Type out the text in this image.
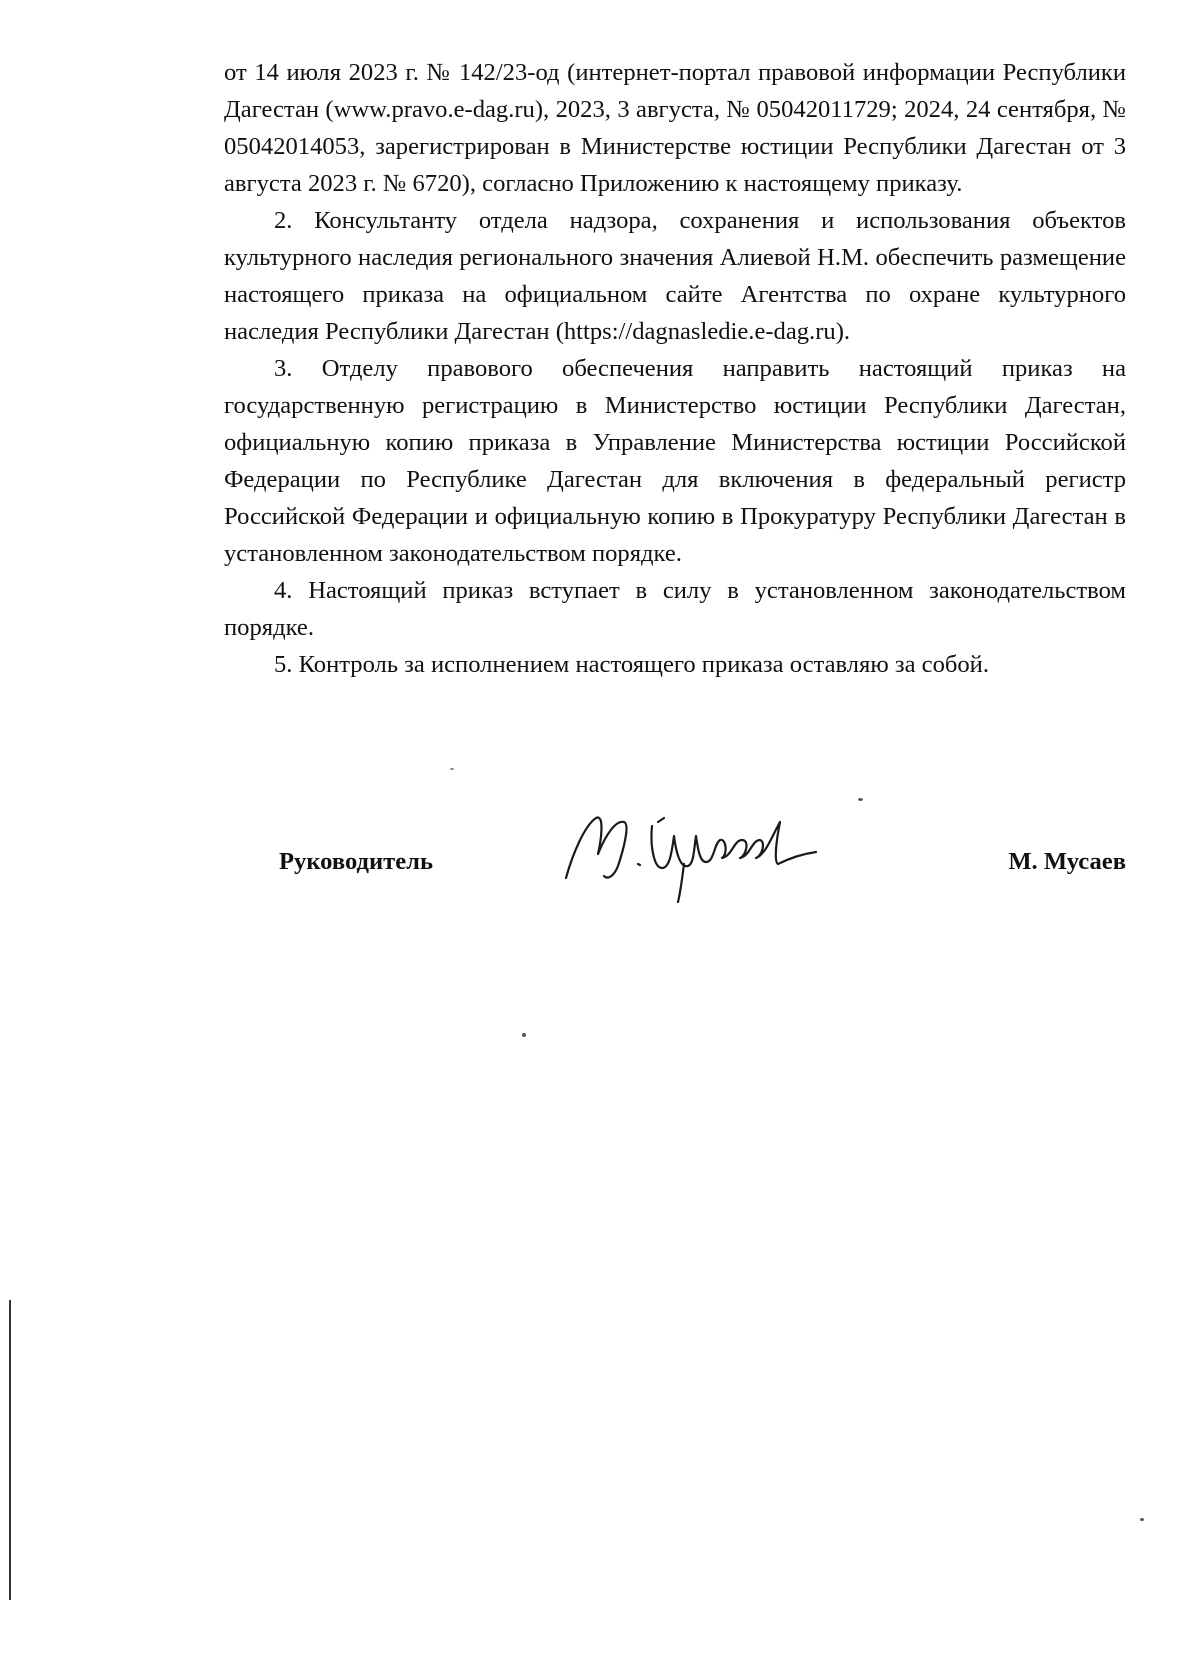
от 14 июля 2023 г. № 142/23-од (интернет-портал правовой информации Республики Дагестан (www.pravo.e-dag.ru), 2023, 3 августа, № 05042011729; 2024, 24 сентября, № 05042014053, зарегистрирован в Министерстве юстиции Республики Дагестан от 3 августа 2023 г. № 6720), согласно Приложению к настоящему приказу.

2. Консультанту отдела надзора, сохранения и использования объектов культурного наследия регионального значения Алиевой Н.М. обеспечить размещение настоящего приказа на официальном сайте Агентства по охране культурного наследия Республики Дагестан (https://dagnasledie.e-dag.ru).

3. Отделу правового обеспечения направить настоящий приказ на государственную регистрацию в Министерство юстиции Республики Дагестан, официальную копию приказа в Управление Министерства юстиции Российской Федерации по Республике Дагестан для включения в федеральный регистр Российской Федерации и официальную копию в Прокуратуру Республики Дагестан в установленном законодательством порядке.

4. Настоящий приказ вступает в силу в установленном законодательством порядке.

5. Контроль за исполнением настоящего приказа оставляю за собой.

Руководитель	М. Мусаев
